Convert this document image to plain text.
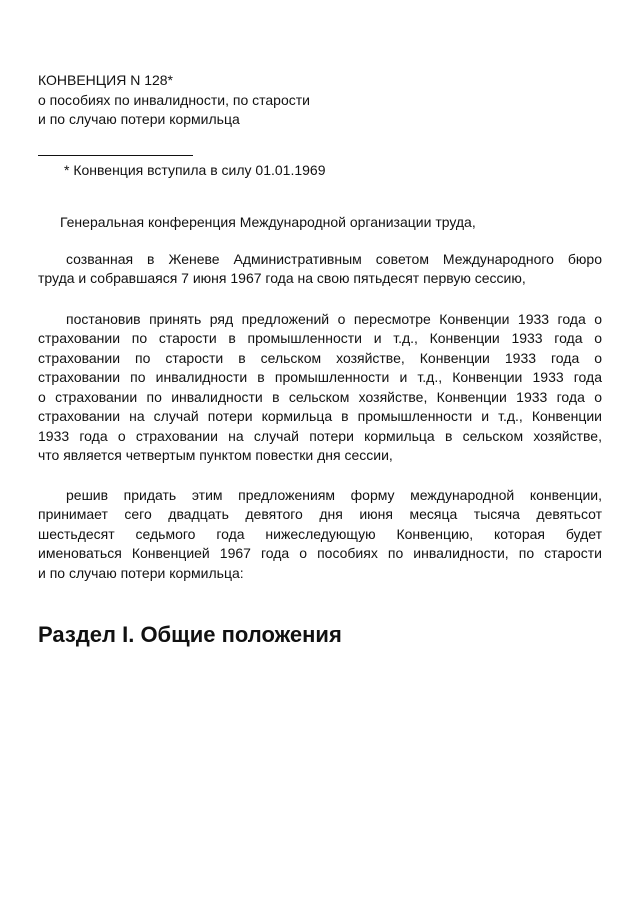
КОНВЕНЦИЯ N 128*
о пособиях по инвалидности, по старости
и по случаю потери кормильца
* Конвенция вступила в силу 01.01.1969
Генеральная конференция Международной организации труда,
созванная в Женеве Административным советом Международного бюро
труда и собравшаяся 7 июня 1967 года на свою пятьдесят первую сессию,
постановив принять ряд предложений о пересмотре Конвенции 1933 года о
страховании по старости в промышленности и т.д., Конвенции 1933 года о
страховании по старости в сельском хозяйстве, Конвенции 1933 года о
страховании по инвалидности в промышленности и т.д., Конвенции 1933 года
о страховании по инвалидности в сельском хозяйстве, Конвенции 1933 года о
страховании на случай потери кормильца в промышленности и т.д., Конвенции
1933 года о страховании на случай потери кормильца в сельском хозяйстве,
что является четвертым пунктом повестки дня сессии,
решив придать этим предложениям форму международной конвенции,
принимает сего двадцать девятого дня июня месяца тысяча девятьсот
шестьдесят седьмого года нижеследующую Конвенцию, которая будет
именоваться Конвенцией 1967 года о пособиях по инвалидности, по старости
и по случаю потери кормильца:
Раздел I. Общие положения
